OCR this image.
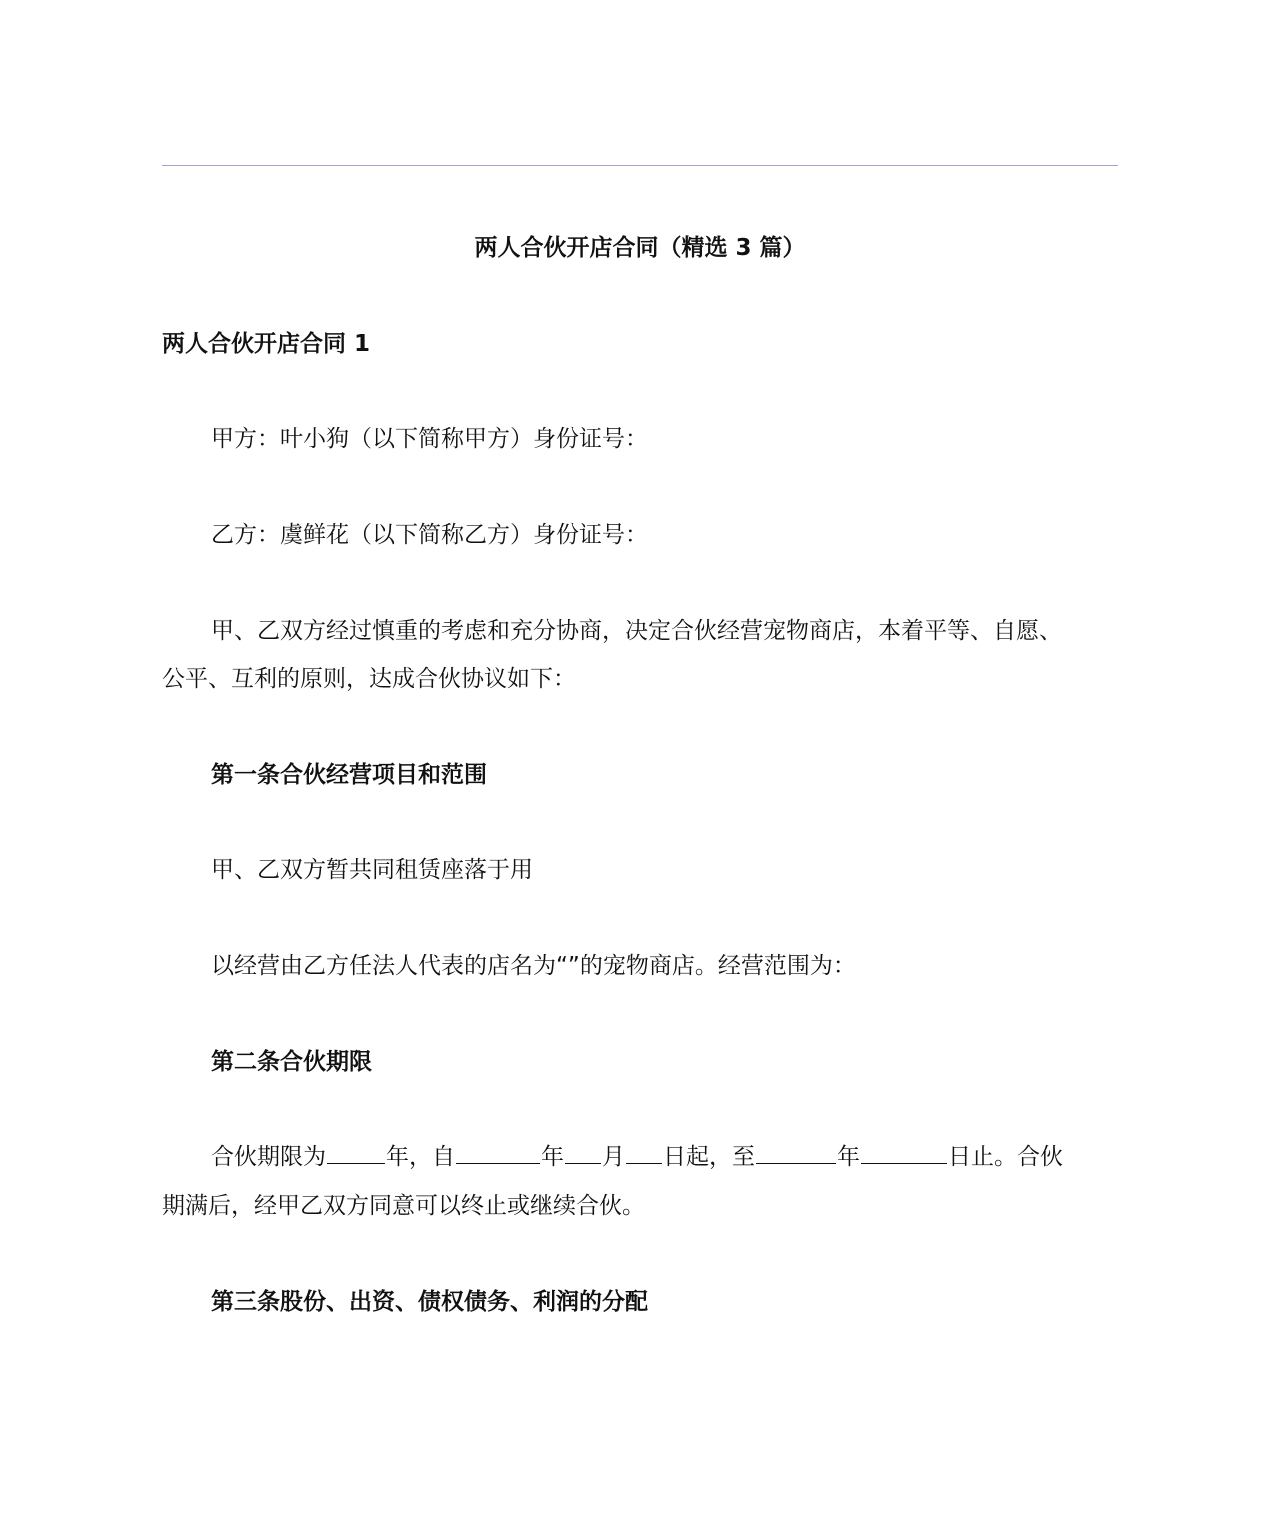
两人合伙开店合同（精选 3 篇）

两人合伙开店合同 1

甲方：叶小狗（以下简称甲方）身份证号：

乙方：虞鲜花（以下简称乙方）身份证号：

甲、乙双方经过慎重的考虑和充分协商，决定合伙经营宠物商店，本着平等、自愿、

公平、互利的原则，达成合伙协议如下：

第一条合伙经营项目和范围

甲、乙双方暂共同租赁座落于用

以经营由乙方任法人代表的店名为“”的宠物商店。经营范围为：

第二条合伙期限

合伙期限为	年，自	年 月 日起，至	年	日止。合伙

期满后，经甲乙双方同意可以终止或继续合伙。

第三条股份、出资、债权债务、利润的分配
